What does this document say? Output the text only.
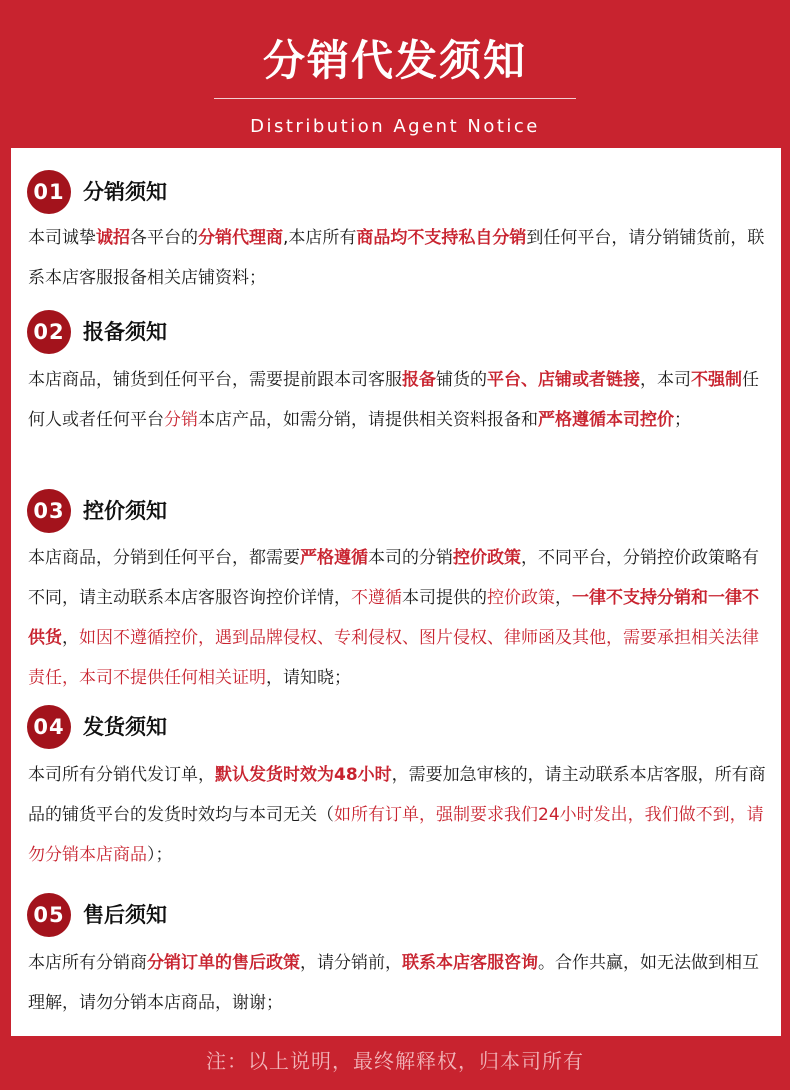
分销代发须知
Distribution Agent Notice
01 分销须知
本司诚挚诚招各平台的分销代理商,本店所有商品均不支持私自分销到任何平台，请分销铺货前，联系本店客服报备相关店铺资料；
02 报备须知
本店商品，铺货到任何平台，需要提前跟本司客服报备铺货的平台、店铺或者链接，本司不强制任何人或者任何平台分销本店产品，如需分销，请提供相关资料报备和严格遵循本司控价；
03 控价须知
本店商品，分销到任何平台，都需要严格遵循本司的分销控价政策，不同平台，分销控价政策略有不同，请主动联系本店客服咨询控价详情，不遵循本司提供的控价政策，一律不支持分销和一律不供货，如因不遵循控价，遇到品牌侵权、专利侵权、图片侵权、律师函及其他，需要承担相关法律责任，本司不提供任何相关证明，请知晓；
04 发货须知
本司所有分销代发订单，默认发货时效为48小时，需要加急审核的，请主动联系本店客服，所有商品的铺货平台的发货时效均与本司无关（如所有订单，强制要求我们24小时发出，我们做不到，请勿分销本店商品）；
05 售后须知
本店所有分销商分销订单的售后政策，请分销前，联系本店客服咨询。合作共赢，如无法做到相互理解，请勿分销本店商品，谢谢；
注：以上说明，最终解释权，归本司所有
